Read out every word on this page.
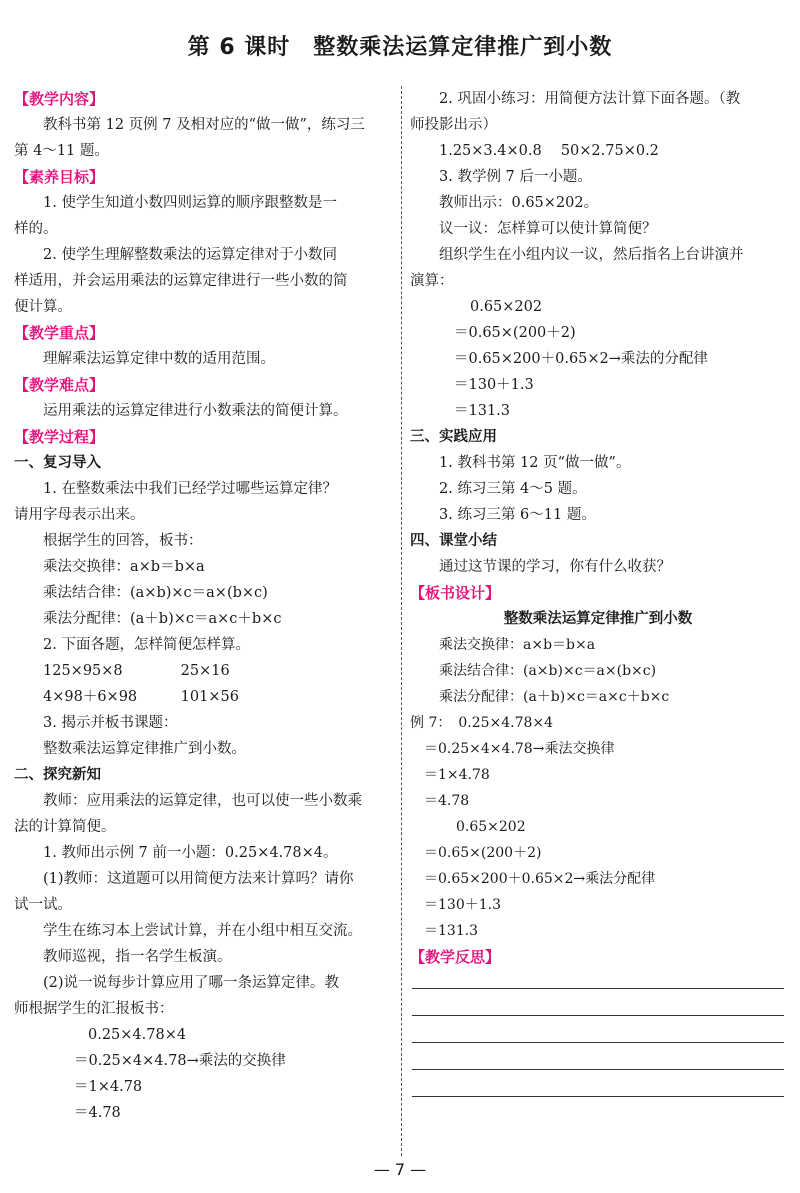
第 6 课时　整数乘法运算定律推广到小数
【教学内容】
教科书第 12 页例 7 及相对应的“做一做”，练习三
第 4～11 题。
【素养目标】
1. 使学生知道小数四则运算的顺序跟整数是一
样的。
2. 使学生理解整数乘法的运算定律对于小数同
样适用，并会运用乘法的运算定律进行一些小数的简
便计算。
【教学重点】
理解乘法运算定律中数的适用范围。
【教学难点】
运用乘法的运算定律进行小数乘法的简便计算。
【教学过程】
一、复习导入
1. 在整数乘法中我们已经学过哪些运算定律？
请用字母表示出来。
根据学生的回答，板书：
乘法交换律：a×b＝b×a
乘法结合律：(a×b)×c＝a×(b×c)
乘法分配律：(a＋b)×c＝a×c＋b×c
2. 下面各题，怎样简便怎样算。
125×95×8　　　　25×16
4×98＋6×98　　　101×56
3. 揭示并板书课题：
整数乘法运算定律推广到小数。
二、探究新知
教师：应用乘法的运算定律，也可以使一些小数乘
法的计算简便。
1. 教师出示例 7 前一小题：0.25×4.78×4。
(1)教师：这道题可以用简便方法来计算吗？请你
试一试。
学生在练习本上尝试计算，并在小组中相互交流。
教师巡视，指一名学生板演。
(2)说一说每步计算应用了哪一条运算定律。教
师根据学生的汇报板书：
0.25×4.78×4
＝0.25×4×4.78→乘法的交换律
＝1×4.78
＝4.78
2. 巩固小练习：用简便方法计算下面各题。（教
师投影出示）
1.25×3.4×0.8　 50×2.75×0.2
3. 教学例 7 后一小题。
教师出示：0.65×202。
议一议：怎样算可以使计算简便？
组织学生在小组内议一议，然后指名上台讲演并
演算：
0.65×202
＝0.65×(200＋2)
＝0.65×200＋0.65×2→乘法的分配律
＝130＋1.3
＝131.3
三、实践应用
1. 教科书第 12 页“做一做”。
2. 练习三第 4～5 题。
3. 练习三第 6～11 题。
四、课堂小结
通过这节课的学习，你有什么收获？
【板书设计】
整数乘法运算定律推广到小数
乘法交换律：a×b＝b×a
乘法结合律：(a×b)×c＝a×(b×c)
乘法分配律：(a＋b)×c＝a×c＋b×c
例 7：　0.25×4.78×4
＝0.25×4×4.78→乘法交换律
＝1×4.78
＝4.78
0.65×202
＝0.65×(200＋2)
＝0.65×200＋0.65×2→乘法分配律
＝130＋1.3
＝131.3
【教学反思】
— 7 —
